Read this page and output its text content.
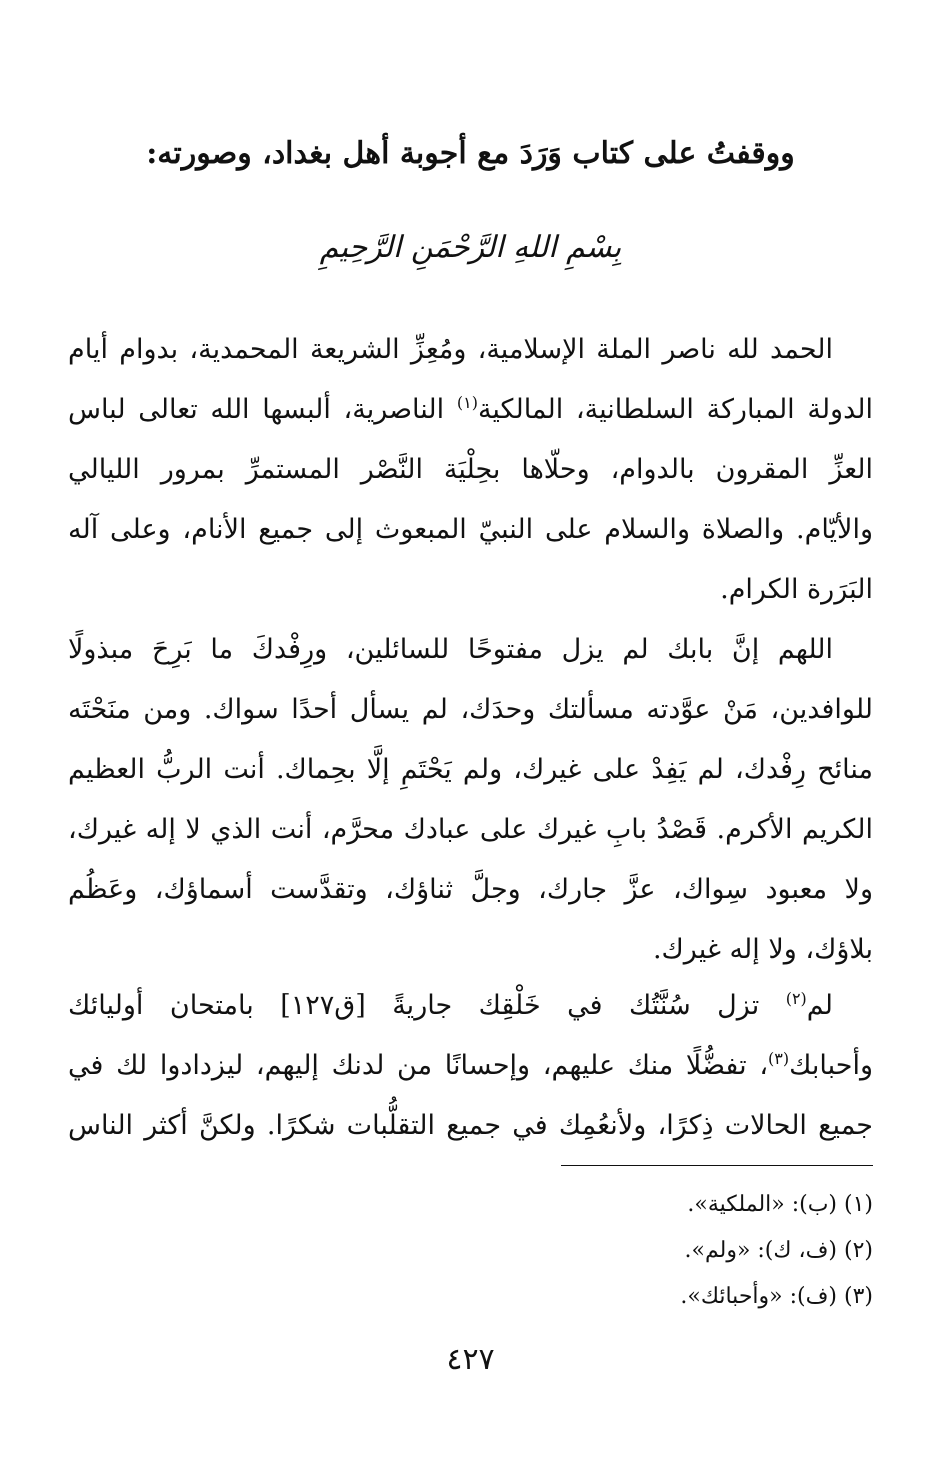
ووقفتُ على كتاب وَرَدَ مع أجوبة أهل بغداد، وصورته:
بِسْمِ اللهِ الرَّحْمَنِ الرَّحِيمِ
الحمد لله ناصر الملة الإسلامية، ومُعِزِّ الشريعة المحمدية، بدوام أيام
الدولة المباركة السلطانية، المالكية$^{(١)}$ الناصرية، ألبسها الله تعالى لباس
العزِّ المقرون بالدوام، وحلّاها بحِلْيَة النَّصْر المستمرِّ بمرور الليالي
والأيّام. والصلاة والسلام على النبيّ المبعوث إلى جميع الأنام، وعلى آله
البَرَرة الكرام.
اللهم إنَّ بابك لم يزل مفتوحًا للسائلين، ورِفْدكَ ما بَرِحَ مبذولًا
للوافدين، مَنْ عوَّدته مسألتك وحدَك، لم يسأل أحدًا سواك. ومن منَحْتَه
منائح رِفْدك، لم يَفِدْ على غيرك، ولم يَحْتَمِ إلَّا بحِماك. أنت الربُّ العظيم
الكريم الأكرم. قَصْدُ بابِ غيرك على عبادك محرَّم، أنت الذي لا إله غيرك،
ولا معبود سِواك، عزَّ جارك، وجلَّ ثناؤك، وتقدَّست أسماؤك، وعَظُم
بلاؤك، ولا إله غيرك.
لم$^{(٢)}$ تزل سُنَّتُك في خَلْقِك جاريةً [ق١٢٧] بامتحان أوليائك
وأحبابك$^{(٣)}$، تفضُّلًا منك عليهم، وإحسانًا من لدنك إليهم، ليزدادوا لك في
جميع الحالات ذِكرًا، ولأنعُمِك في جميع التقلُّبات شكرًا. ولكنَّ أكثر الناس
(١) (ب): «الملكية».
(٢) (ف، ك): «ولم».
(٣) (ف): «وأحبائك».
٤٢٧
